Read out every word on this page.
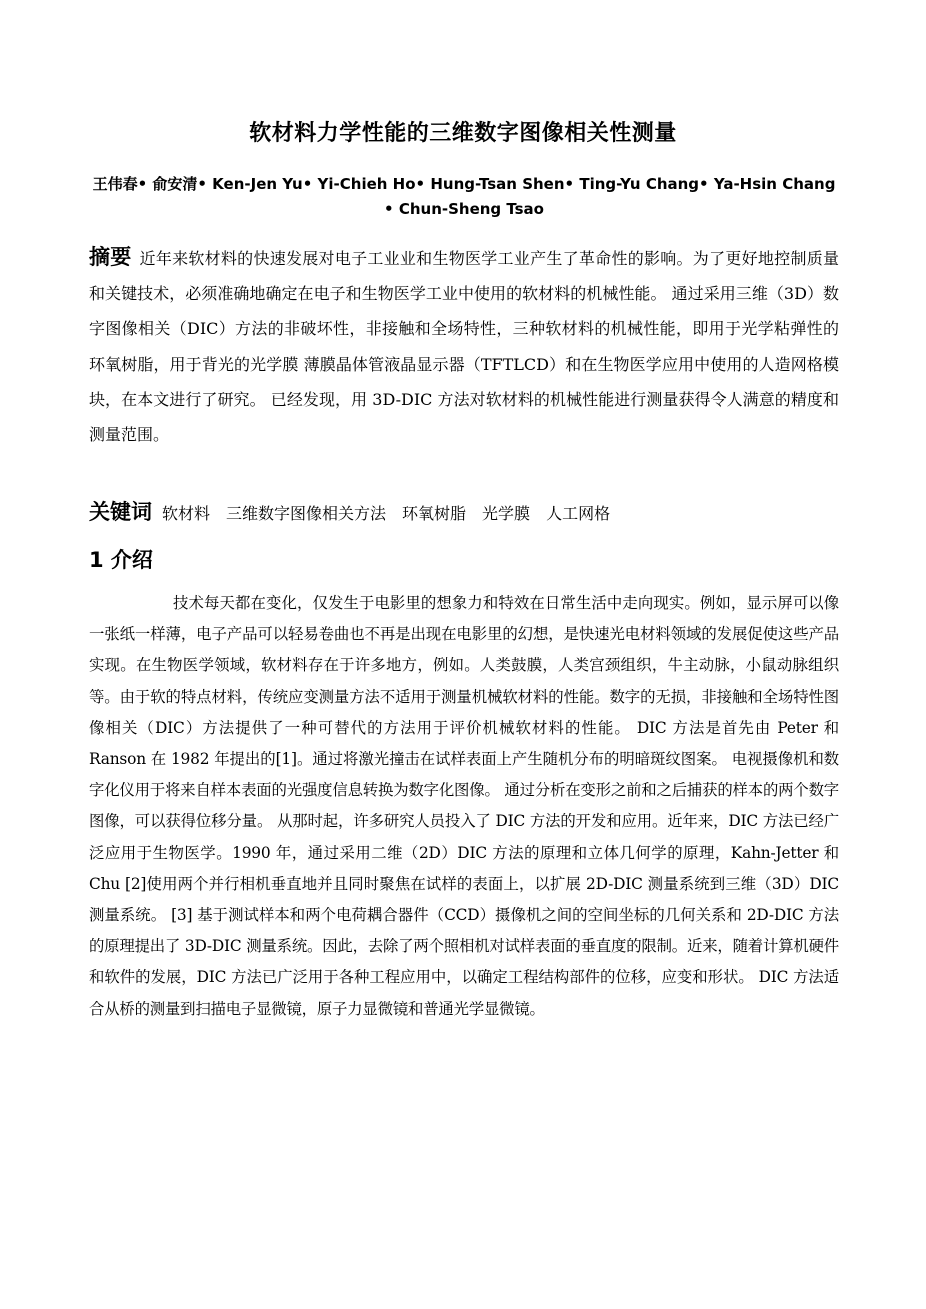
软材料力学性能的三维数字图像相关性测量

王伟春• 俞安清• Ken-Jen Yu• Yi-Chieh Ho• Hung-Tsan Shen• Ting-Yu Chang• Ya-Hsin Chang • Chun-Sheng Tsao

摘要 近年来软材料的快速发展对电子工业业和生物医学工业产生了革命性的影响。为了更好地控制质量和关键技术，必须准确地确定在电子和生物医学工业中使用的软材料的机械性能。 通过采用三维（3D）数字图像相关（DIC）方法的非破坏性，非接触和全场特性，三种软材料的机械性能，即用于光学粘弹性的环氧树脂，用于背光的光学膜 薄膜晶体管液晶显示器（TFTLCD）和在生物医学应用中使用的人造网格模块，在本文进行了研究。 已经发现，用 3D-DIC 方法对软材料的机械性能进行测量获得令人满意的精度和测量范围。

关键词 软材料 三维数字图像相关方法 环氧树脂 光学膜 人工网格

1 介绍

技术每天都在变化，仅发生于电影里的想象力和特效在日常生活中走向现实。例如，显示屏可以像一张纸一样薄，电子产品可以轻易卷曲也不再是出现在电影里的幻想，是快速光电材料领域的发展促使这些产品实现。在生物医学领域，软材料存在于许多地方，例如。人类鼓膜，人类宫颈组织，牛主动脉，小鼠动脉组织等。由于软的特点材料，传统应变测量方法不适用于测量机械软材料的性能。数字的无损，非接触和全场特性图像相关（DIC）方法提供了一种可替代的方法用于评价机械软材料的性能。 DIC 方法是首先由 Peter 和 Ranson 在 1982 年提出的[1]。通过将激光撞击在试样表面上产生随机分布的明暗斑纹图案。 电视摄像机和数字化仪用于将来自样本表面的光强度信息转换为数字化图像。 通过分析在变形之前和之后捕获的样本的两个数字图像，可以获得位移分量。 从那时起，许多研究人员投入了 DIC 方法的开发和应用。近年来，DIC 方法已经广泛应用于生物医学。1990 年，通过采用二维（2D）DIC 方法的原理和立体几何学的原理，Kahn-Jetter 和 Chu [2]使用两个并行相机垂直地并且同时聚焦在试样的表面上，以扩展 2D-DIC 测量系统到三维（3D）DIC 测量系统。 [3] 基于测试样本和两个电荷耦合器件（CCD）摄像机之间的空间坐标的几何关系和 2D-DIC 方法的原理提出了 3D-DIC 测量系统。因此，去除了两个照相机对试样表面的垂直度的限制。近来，随着计算机硬件和软件的发展，DIC 方法已广泛用于各种工程应用中，以确定工程结构部件的位移，应变和形状。 DIC 方法适合从桥的测量到扫描电子显微镜，原子力显微镜和普通光学显微镜。
